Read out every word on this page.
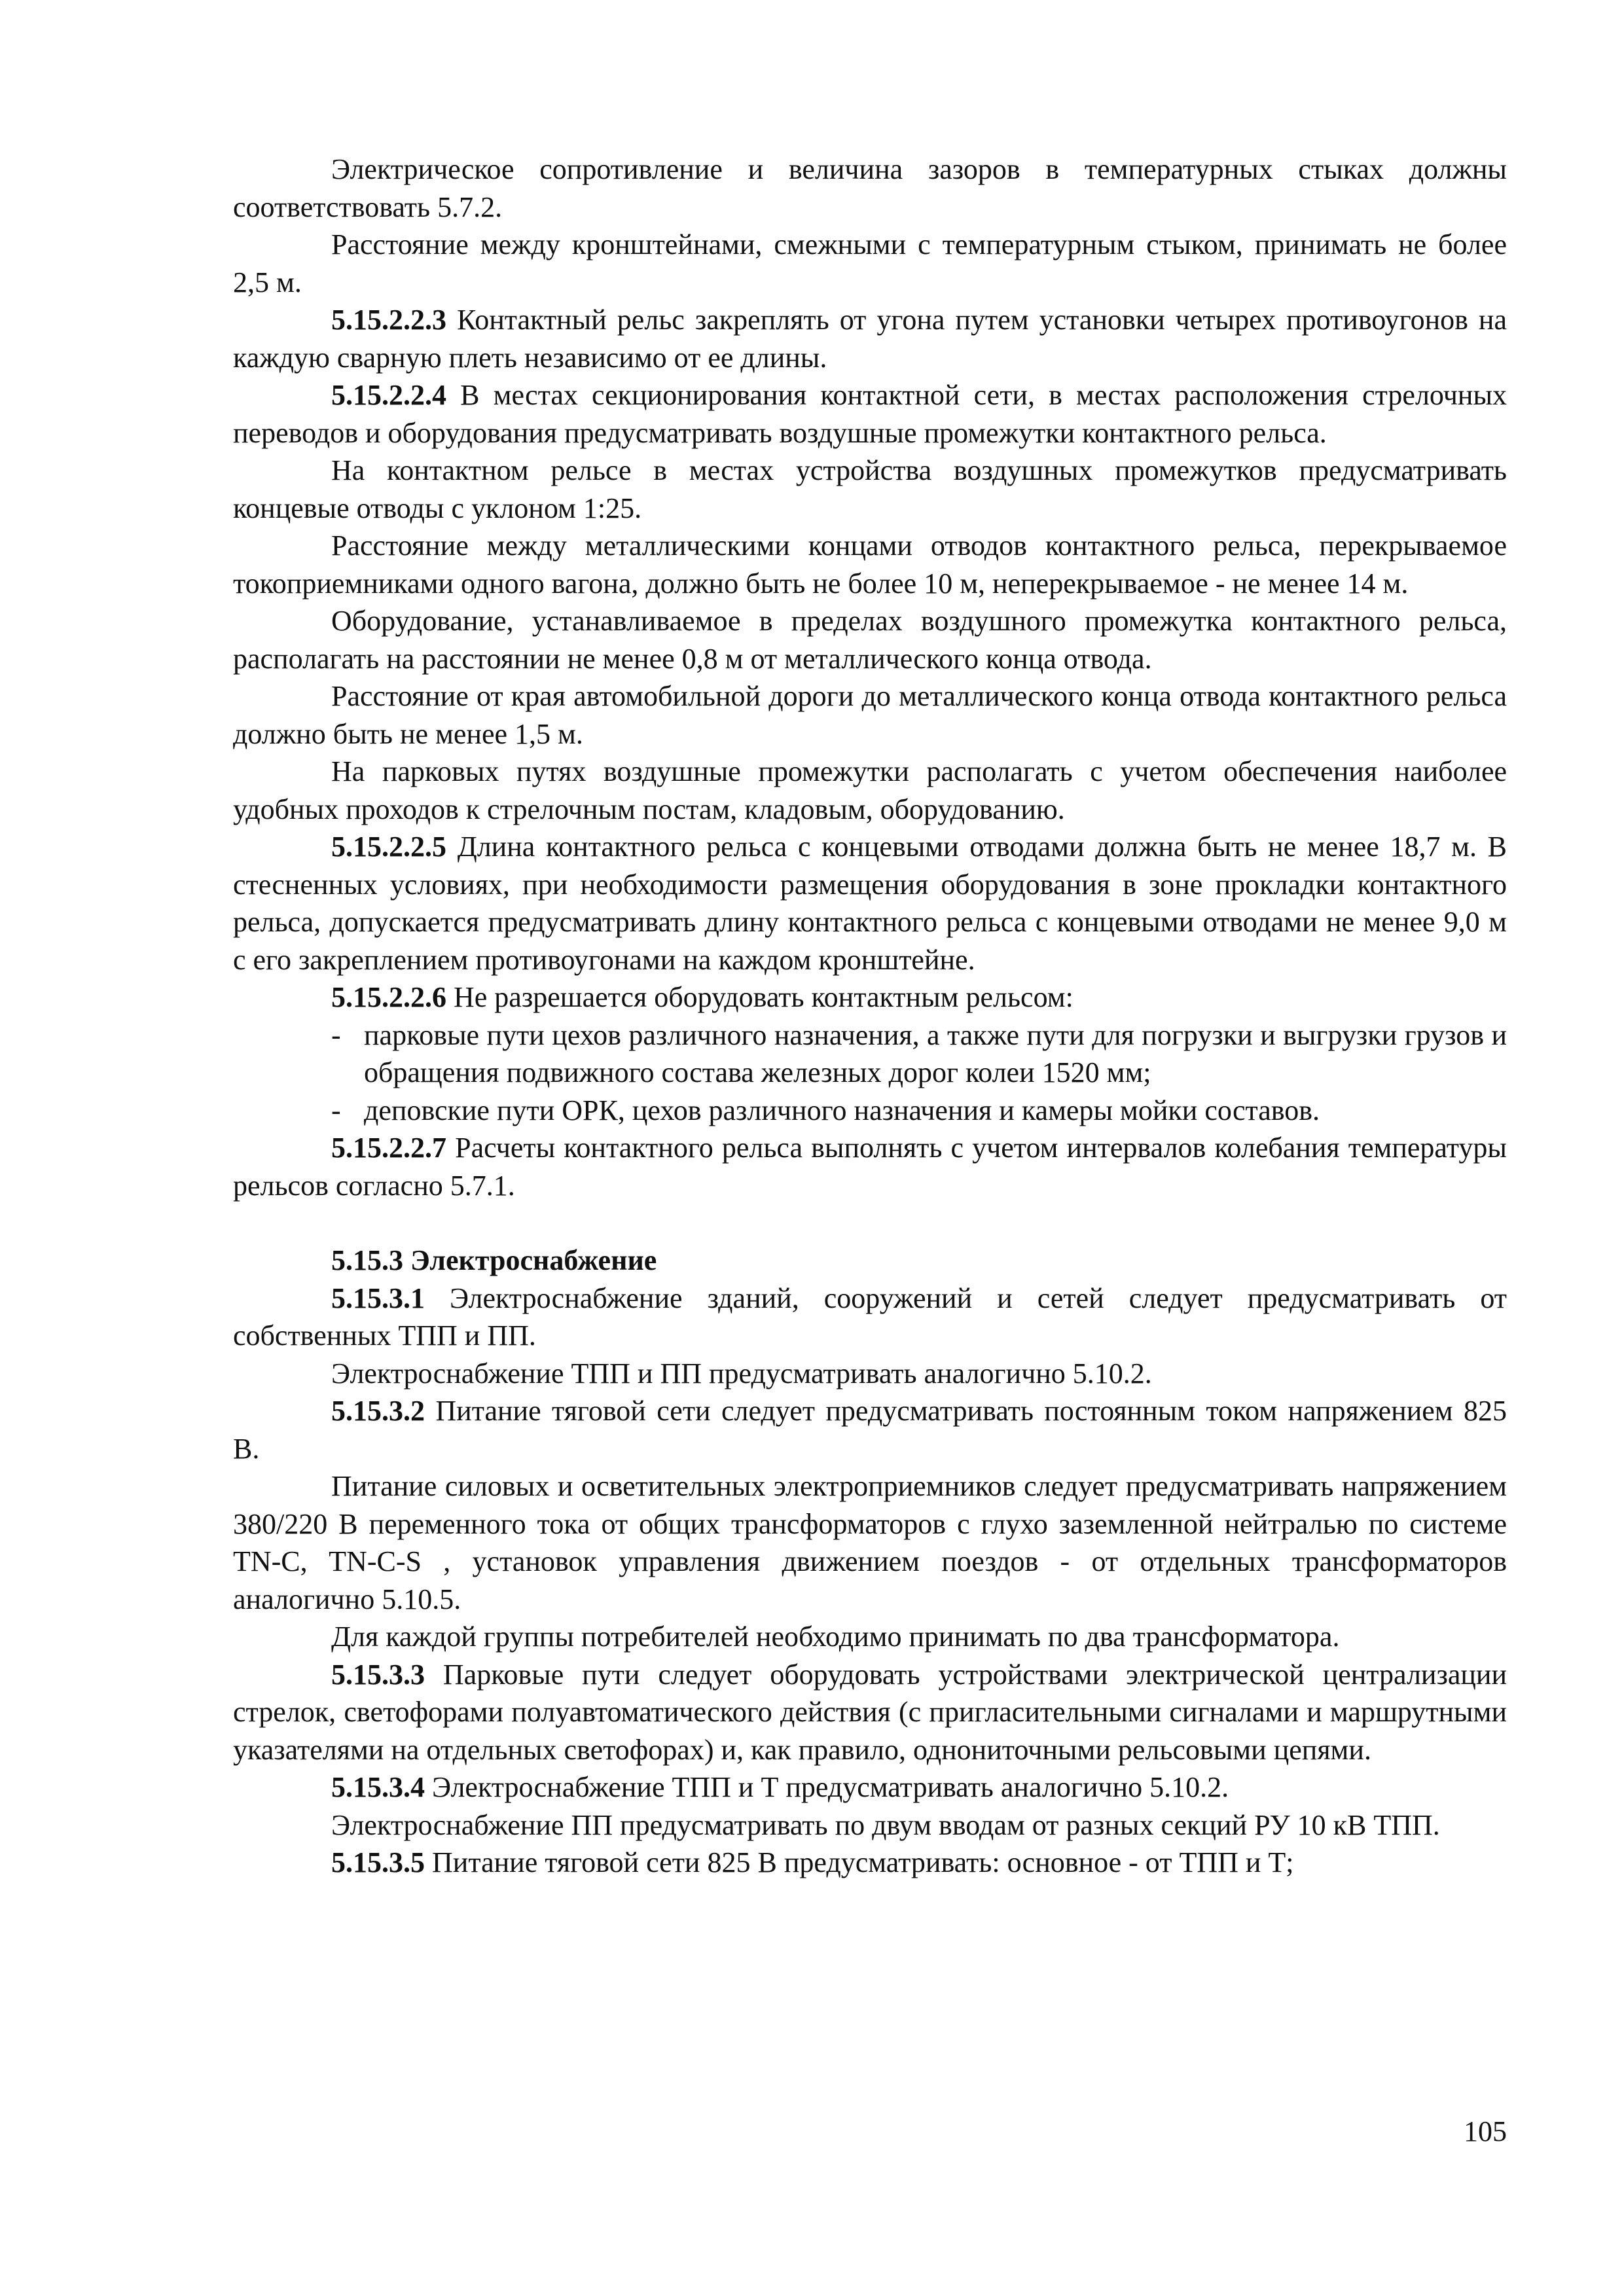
Электрическое сопротивление и величина зазоров в температурных стыках должны соответствовать 5.7.2.

Расстояние между кронштейнами, смежными с температурным стыком, принимать не более 2,5 м.

5.15.2.2.3 Контактный рельс закреплять от угона путем установки четырех противоугонов на каждую сварную плеть независимо от ее длины.

5.15.2.2.4 В местах секционирования контактной сети, в местах расположения стрелочных переводов и оборудования предусматривать воздушные промежутки контактного рельса.

На контактном рельсе в местах устройства воздушных промежутков предусматривать концевые отводы с уклоном 1:25.

Расстояние между металлическими концами отводов контактного рельса, перекрываемое токоприемниками одного вагона, должно быть не более 10 м, неперекрываемое - не менее 14 м.

Оборудование, устанавливаемое в пределах воздушного промежутка контактного рельса, располагать на расстоянии не менее 0,8 м от металлического конца отвода.

Расстояние от края автомобильной дороги до металлического конца отвода контактного рельса должно быть не менее 1,5 м.

На парковых путях воздушные промежутки располагать с учетом обеспечения наиболее удобных проходов к стрелочным постам, кладовым, оборудованию.

5.15.2.2.5 Длина контактного рельса с концевыми отводами должна быть не менее 18,7 м. В стесненных условиях, при необходимости размещения оборудования в зоне прокладки контактного рельса, допускается предусматривать длину контактного рельса с концевыми отводами не менее 9,0 м с его закреплением противоугонами на каждом кронштейне.

5.15.2.2.6 Не разрешается оборудовать контактным рельсом:

- парковые пути цехов различного назначения, а также пути для погрузки и выгрузки грузов и обращения подвижного состава железных дорог колеи 1520 мм;
- деповские пути ОРК, цехов различного назначения и камеры мойки составов.

5.15.2.2.7 Расчеты контактного рельса выполнять с учетом интервалов колебания температуры рельсов согласно 5.7.1.

5.15.3 Электроснабжение

5.15.3.1 Электроснабжение зданий, сооружений и сетей следует предусматривать от собственных ТПП и ПП.

Электроснабжение ТПП и ПП предусматривать аналогично 5.10.2.

5.15.3.2 Питание тяговой сети следует предусматривать постоянным током напряжением 825 В.

Питание силовых и осветительных электроприемников следует предусматривать напряжением 380/220 В переменного тока от общих трансформаторов с глухо заземленной нейтралью по системе TN-C, TN-C-S , установок управления движением поездов - от отдельных трансформаторов аналогично 5.10.5.

Для каждой группы потребителей необходимо принимать по два трансформатора.

5.15.3.3 Парковые пути следует оборудовать устройствами электрической централизации стрелок, светофорами полуавтоматического действия (с пригласительными сигналами и маршрутными указателями на отдельных светофорах) и, как правило, однониточными рельсовыми цепями.

5.15.3.4 Электроснабжение ТПП и Т предусматривать аналогично 5.10.2.

Электроснабжение ПП предусматривать по двум вводам от разных секций РУ 10 кВ ТПП.

5.15.3.5 Питание тяговой сети 825 В предусматривать: основное - от ТПП и Т;

105
